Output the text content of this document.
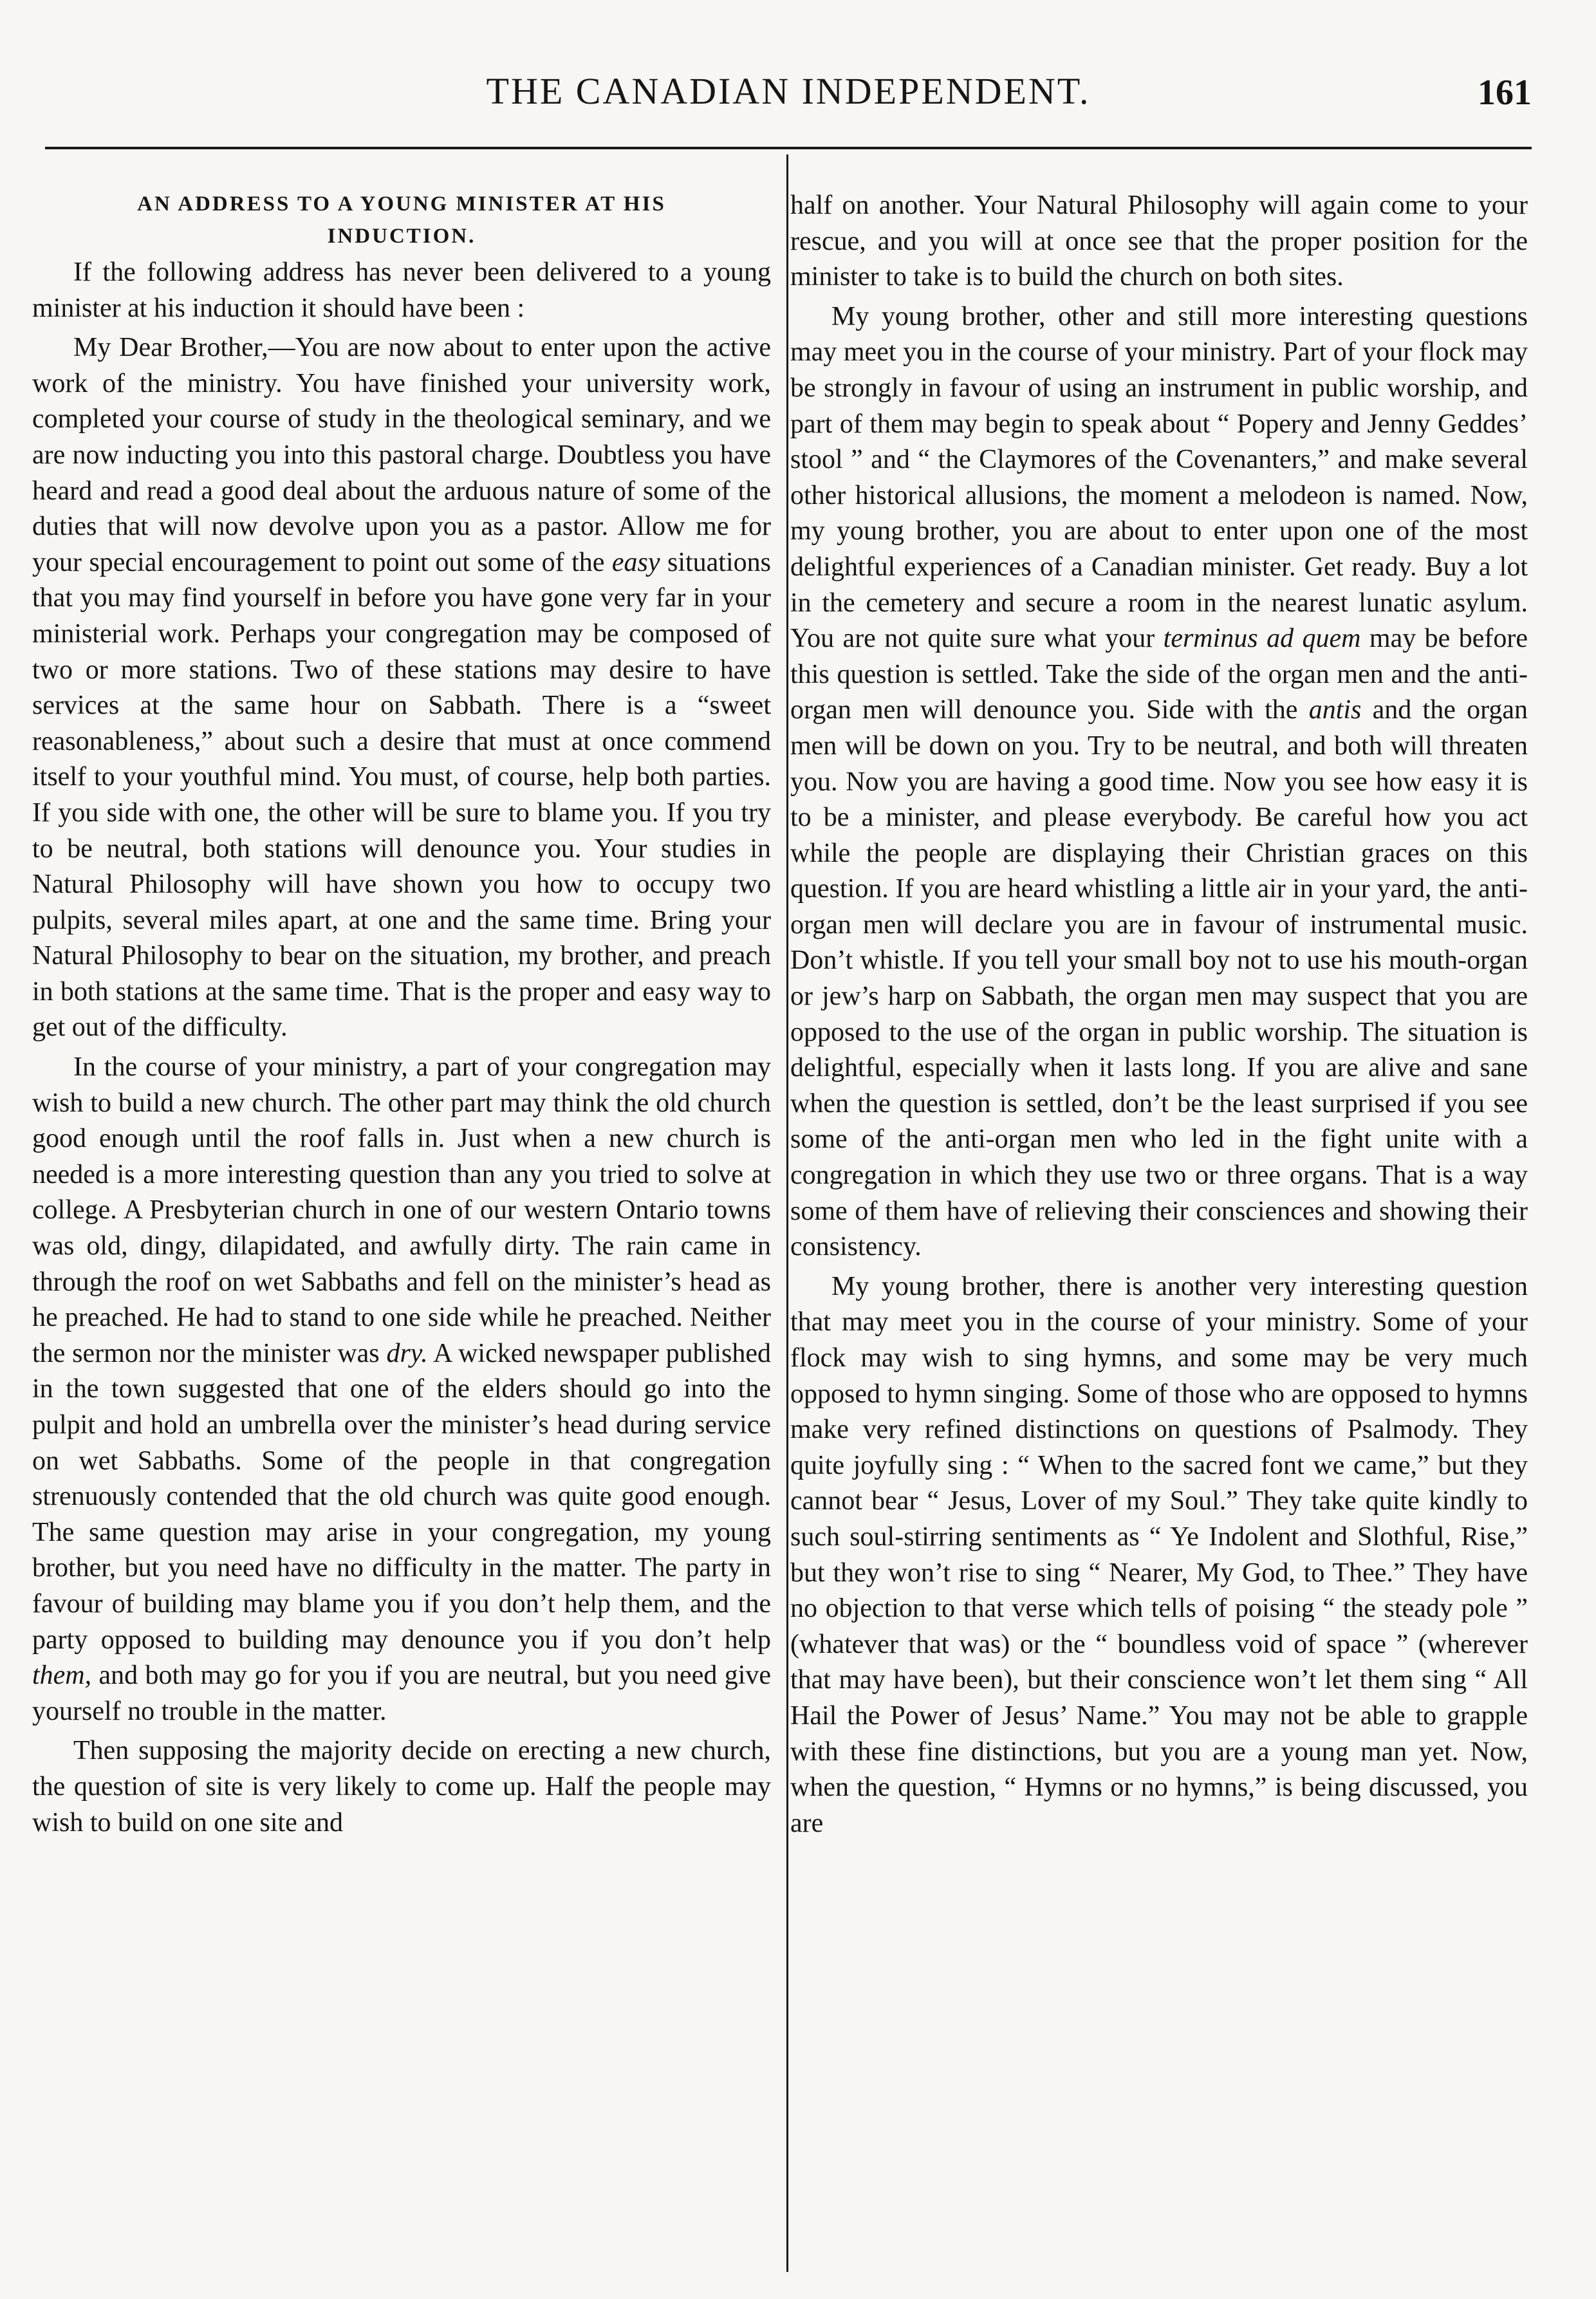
THE CANADIAN INDEPENDENT.	161
AN ADDRESS TO A YOUNG MINISTER AT HIS
INDUCTION.

If the following address has never been delivered to a young minister at his induction it should have been :

My Dear Brother,—You are now about to enter upon the active work of the ministry. You have finished your university work, completed your course of study in the theological seminary, and we are now inducting you into this pastoral charge. Doubtless you have heard and read a good deal about the arduous nature of some of the duties that will now devolve upon you as a pastor. Allow me for your special encouragement to point out some of the easy situations that you may find yourself in before you have gone very far in your ministerial work. Perhaps your congregation may be composed of two or more stations. Two of these stations may desire to have services at the same hour on Sabbath. There is a “sweet reasonableness,” about such a desire that must at once commend itself to your youthful mind. You must, of course, help both parties. If you side with one, the other will be sure to blame you. If you try to be neutral, both stations will denounce you. Your studies in Natural Philosophy will have shown you how to occupy two pulpits, several miles apart, at one and the same time. Bring your Natural Philosophy to bear on the situation, my brother, and preach in both stations at the same time. That is the proper and easy way to get out of the difficulty.

In the course of your ministry, a part of your congregation may wish to build a new church. The other part may think the old church good enough until the roof falls in. Just when a new church is needed is a more interesting question than any you tried to solve at college. A Presbyterian church in one of our western Ontario towns was old, dingy, dilapidated, and awfully dirty. The rain came in through the roof on wet Sabbaths and fell on the minister’s head as he preached. He had to stand to one side while he preached. Neither the sermon nor the minister was dry. A wicked newspaper published in the town suggested that one of the elders should go into the pulpit and hold an umbrella over the minister’s head during service on wet Sabbaths. Some of the people in that congregation strenuously contended that the old church was quite good enough. The same question may arise in your congregation, my young brother, but you need have no difficulty in the matter. The party in favour of building may blame you if you don’t help them, and the party opposed to building may denounce you if you don’t help them, and both may go for you if you are neutral, but you need give yourself no trouble in the matter.

Then supposing the majority decide on erecting a new church, the question of site is very likely to come up. Half the people may wish to build on one site and

half on another. Your Natural Philosophy will again come to your rescue, and you will at once see that the proper position for the minister to take is to build the church on both sites.

My young brother, other and still more interesting questions may meet you in the course of your ministry. Part of your flock may be strongly in favour of using an instrument in public worship, and part of them may begin to speak about “ Popery and Jenny Geddes’ stool ” and “ the Claymores of the Covenanters,” and make several other historical allusions, the moment a melodeon is named. Now, my young brother, you are about to enter upon one of the most delightful experiences of a Canadian minister. Get ready. Buy a lot in the cemetery and secure a room in the nearest lunatic asylum. You are not quite sure what your terminus ad quem may be before this question is settled. Take the side of the organ men and the anti-organ men will denounce you. Side with the antis and the organ men will be down on you. Try to be neutral, and both will threaten you. Now you are having a good time. Now you see how easy it is to be a minister, and please everybody. Be careful how you act while the people are displaying their Christian graces on this question. If you are heard whistling a little air in your yard, the anti-organ men will declare you are in favour of instrumental music. Don’t whistle. If you tell your small boy not to use his mouth-organ or jew’s harp on Sabbath, the organ men may suspect that you are opposed to the use of the organ in public worship. The situation is delightful, especially when it lasts long. If you are alive and sane when the question is settled, don’t be the least surprised if you see some of the anti-organ men who led in the fight unite with a congregation in which they use two or three organs. That is a way some of them have of relieving their consciences and showing their consistency.

My young brother, there is another very interesting question that may meet you in the course of your ministry. Some of your flock may wish to sing hymns, and some may be very much opposed to hymn singing. Some of those who are opposed to hymns make very refined distinctions on questions of Psalmody. They quite joyfully sing : “ When to the sacred font we came,” but they cannot bear “ Jesus, Lover of my Soul.” They take quite kindly to such soul-stirring sentiments as “ Ye Indolent and Slothful, Rise,” but they won’t rise to sing “ Nearer, My God, to Thee.” They have no objection to that verse which tells of poising “ the steady pole ” (whatever that was) or the “ boundless void of space ” (wherever that may have been), but their conscience won’t let them sing “ All Hail the Power of Jesus’ Name.” You may not be able to grapple with these fine distinctions, but you are a young man yet. Now, when the question, “ Hymns or no hymns,” is being discussed, you are
